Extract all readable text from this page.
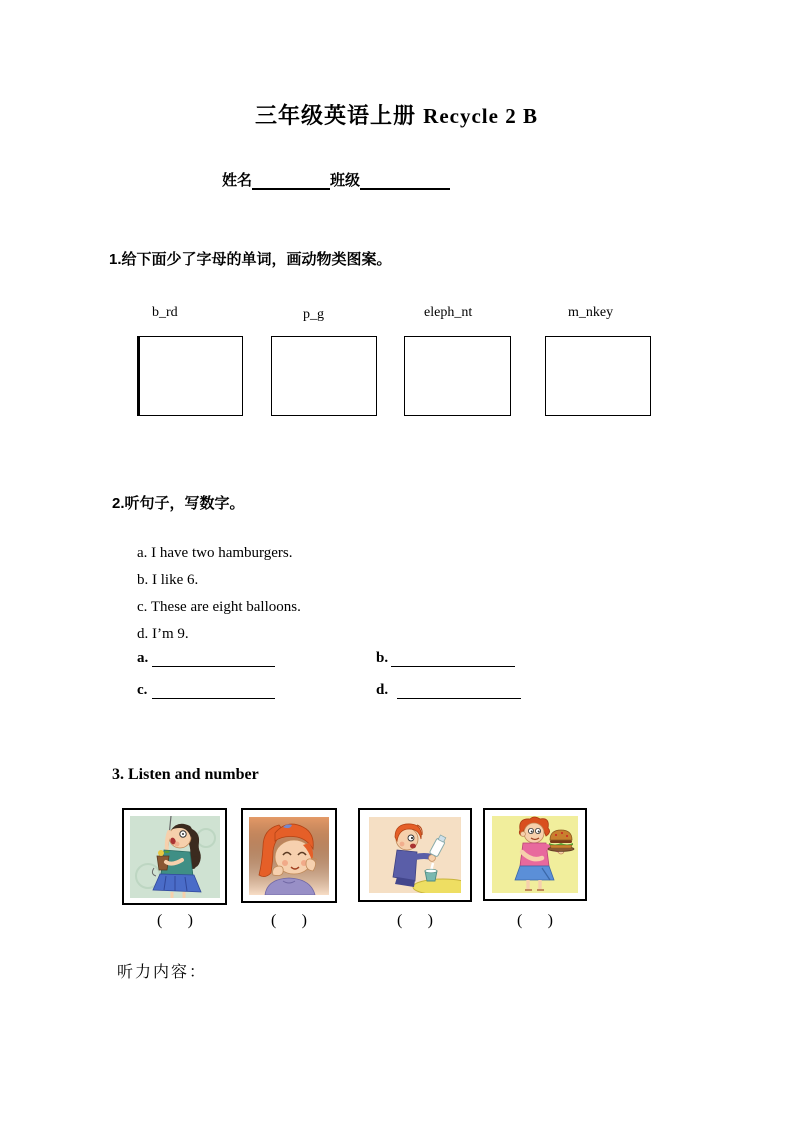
三年级英语上册 Recycle 2 B
姓名	班级
1.给下面少了字母的单词，画动物类图案。
b_rd	p_g	eleph_nt	m_nkey
2.听句子，写数字。
a. I have two hamburgers.
b. I like 6.
c. These are eight balloons.
d. I’m 9.
a.	b.
c.	d.
3. Listen and number
( )	( )	( )	( )
听力内容：
